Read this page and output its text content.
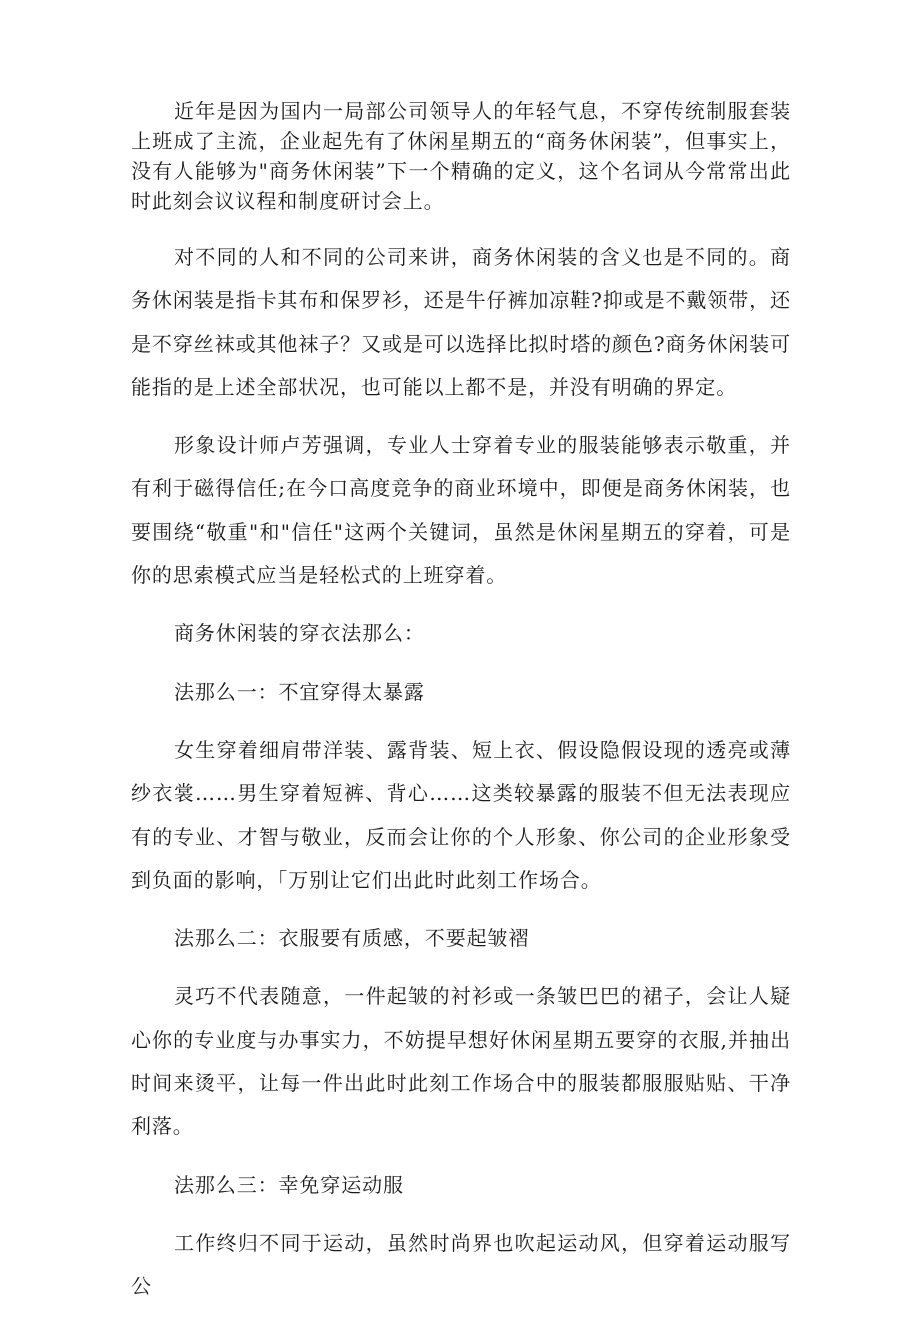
近年是因为国内一局部公司领导人的年轻气息，不穿传统制服套装上班成了主流，企业起先有了休闲星期五的“商务休闲装”，但事实上，没有人能够为"商务休闲装”下一个精确的定义，这个名词从今常常出此时此刻会议议程和制度研讨会上。

对不同的人和不同的公司来讲，商务休闲装的含义也是不同的。商务休闲装是指卡其布和保罗衫，还是牛仔裤加凉鞋?抑或是不戴领带，还是不穿丝袜或其他袜子？又或是可以选择比拟时塔的颜色?商务休闲装可能指的是上述全部状况，也可能以上都不是，并没有明确的界定。

形象设计师卢芳强调，专业人士穿着专业的服装能够表示敬重，并有利于磁得信任;在今口高度竞争的商业环境中，即便是商务休闲装，也要围绕“敬重"和"信任"这两个关键词，虽然是休闲星期五的穿着，可是你的思索模式应当是轻松式的上班穿着。

商务休闲装的穿衣法那么：

法那么一：不宜穿得太暴露

女生穿着细肩带洋装、露背装、短上衣、假设隐假设现的透亮或薄纱衣裳……男生穿着短裤、背心……这类较暴露的服装不但无法表现应有的专业、才智与敬业，反而会让你的个人形象、你公司的企业形象受到负面的影响，「万别让它们出此时此刻工作场合。

法那么二：衣服要有质感，不要起皱褶

灵巧不代表随意，一件起皱的衬衫或一条皱巴巴的裙子，会让人疑心你的专业度与办事实力，不妨提早想好休闲星期五要穿的衣服,并抽出时间来烫平，让每一件出此时此刻工作场合中的服装都服服贴贴、干净利落。

法那么三：幸免穿运动服

工作终归不同于运动，虽然时尚界也吹起运动风，但穿着运动服写公
